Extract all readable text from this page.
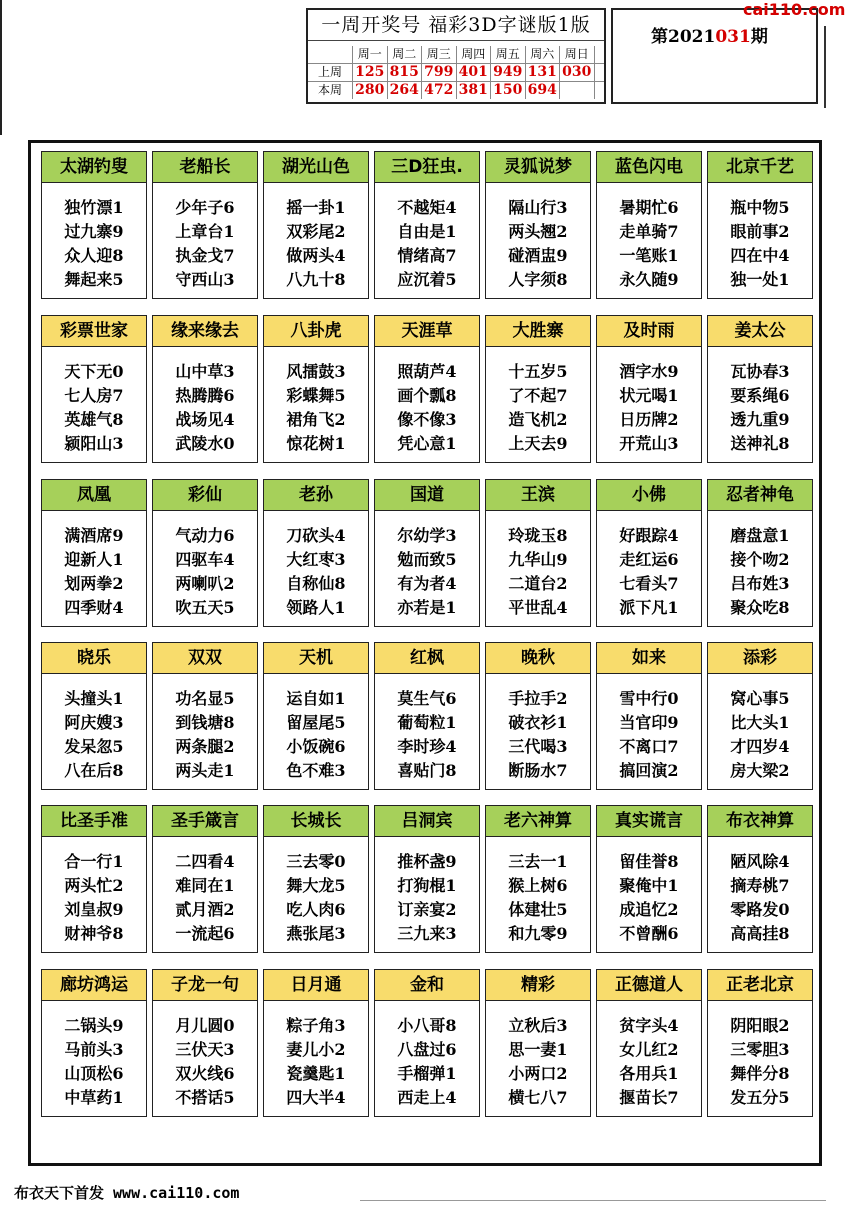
一周开奖号 福彩3D字谜版1版
周一 周二 周三 周四 周五 周六 周日
上周 125 815 799 401 949 131 030
本周 280 264 472 381 150 694
第2021031期
cai110.com
太湖钓叟
独竹漂1
过九寨9
众人迎8
舞起来5
老船长
少年子6
上章台1
执金戈7
守西山3
湖光山色
摇一卦1
双彩尾2
做两头4
八九十8
三D狂虫.
不越矩4
自由是1
情绪高7
应沉着5
灵狐说梦
隔山行3
两头翘2
碰酒盅9
人字须8
蓝色闪电
暑期忙6
走单骑7
一笔账1
永久随9
北京千艺
瓶中物5
眼前事2
四在中4
独一处1
彩票世家
天下无0
七人房7
英雄气8
颍阳山3
缘来缘去
山中草3
热腾腾6
战场见4
武陵水0
八卦虎
风擂鼓3
彩蝶舞5
裙角飞2
惊花树1
天涯草
照葫芦4
画个瓢8
像不像3
凭心意1
大胜寨
十五岁5
了不起7
造飞机2
上天去9
及时雨
酒字水9
状元喝1
日历牌2
开荒山3
姜太公
瓦协春3
要系绳6
透九重9
送神礼8
凤凰
满酒席9
迎新人1
划两拳2
四季财4
彩仙
气动力6
四驱车4
两喇叭2
吹五天5
老孙
刀砍头4
大红枣3
自称仙8
领路人1
国道
尔幼学3
勉而致5
有为者4
亦若是1
王滨
玲珑玉8
九华山9
二道台2
平世乱4
小佛
好跟踪4
走红运6
七看头7
派下凡1
忍者神龟
磨盘意1
接个吻2
吕布姓3
聚众吃8
晓乐
头撞头1
阿庆嫂3
发呆忽5
八在后8
双双
功名显5
到钱塘8
两条腿2
两头走1
天机
运自如1
留屋尾5
小饭碗6
色不难3
红枫
莫生气6
葡萄粒1
李时珍4
喜贴门8
晚秋
手拉手2
破衣衫1
三代喝3
断肠水7
如来
雪中行0
当官印9
不离口7
搞回演2
添彩
窝心事5
比大头1
才四岁4
房大梁2
比圣手准
合一行1
两头忙2
刘皇叔9
财神爷8
圣手箴言
二四看4
难同在1
贰月酒2
一流起6
长城长
三去零0
舞大龙5
吃人肉6
燕张尾3
吕洞宾
推杯盏9
打狗棍1
订亲宴2
三九来3
老六神算
三去一1
猴上树6
体建壮5
和九零9
真实谎言
留佳誉8
聚俺中1
成追忆2
不曾酬6
布衣神算
陋风除4
摘寿桃7
零路发0
高高挂8
廊坊鸿运
二锅头9
马前头3
山顶松6
中草药1
子龙一句
月儿圆0
三伏天3
双火线6
不搭话5
日月通
粽子角3
妻儿小2
瓷羹匙1
四大半4
金和
小八哥8
八盘过6
手榴弹1
西走上4
精彩
立秋后3
思一妻1
小两口2
横七八7
正德道人
贫字头4
女儿红2
各用兵1
揠苗长7
正老北京
阴阳眼2
三零胆3
舞伴分8
发五分5
布衣天下首发 www.cai110.com
